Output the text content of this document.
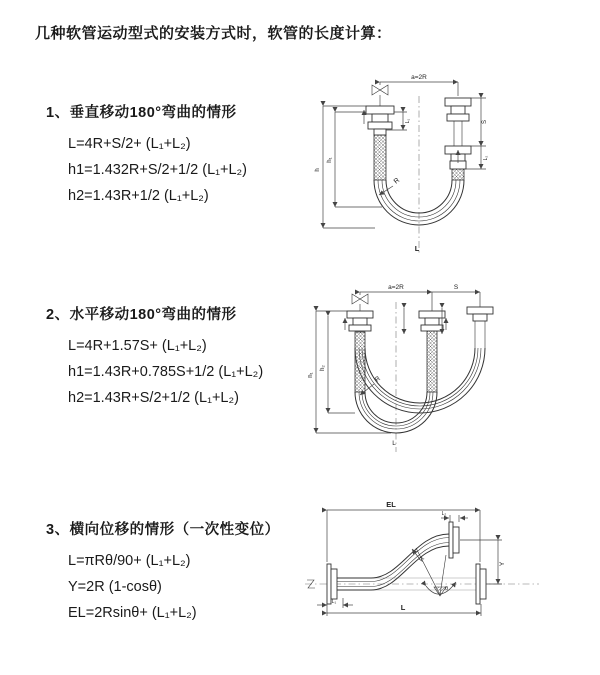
几种软管运动型式的安装方式时，软管的长度计算：
1、垂直移动180°弯曲的情形
L=4R+S/2+ (L₁+L₂)
h1=1.432R+S/2+1/2 (L₁+L₂)
h2=1.43R+1/2 (L₁+L₂)
2、水平移动180°弯曲的情形
L=4R+1.57S+ (L₁+L₂)
h1=1.43R+0.785S+1/2 (L₁+L₂)
h2=1.43R+S/2+1/2 (L₁+L₂)
3、横向位移的情形（一次性变位）
L=πRθ/90+ (L₁+L₂)
Y=2R (1-cosθ)
EL=2Rsinθ+ (L₁+L₂)
a=2R
h
h₁
L₁	S
L₂
R
L
a=2R	S
h₁
h₂
R
L
EL
L₂
Y
L
L₁
R
θ
